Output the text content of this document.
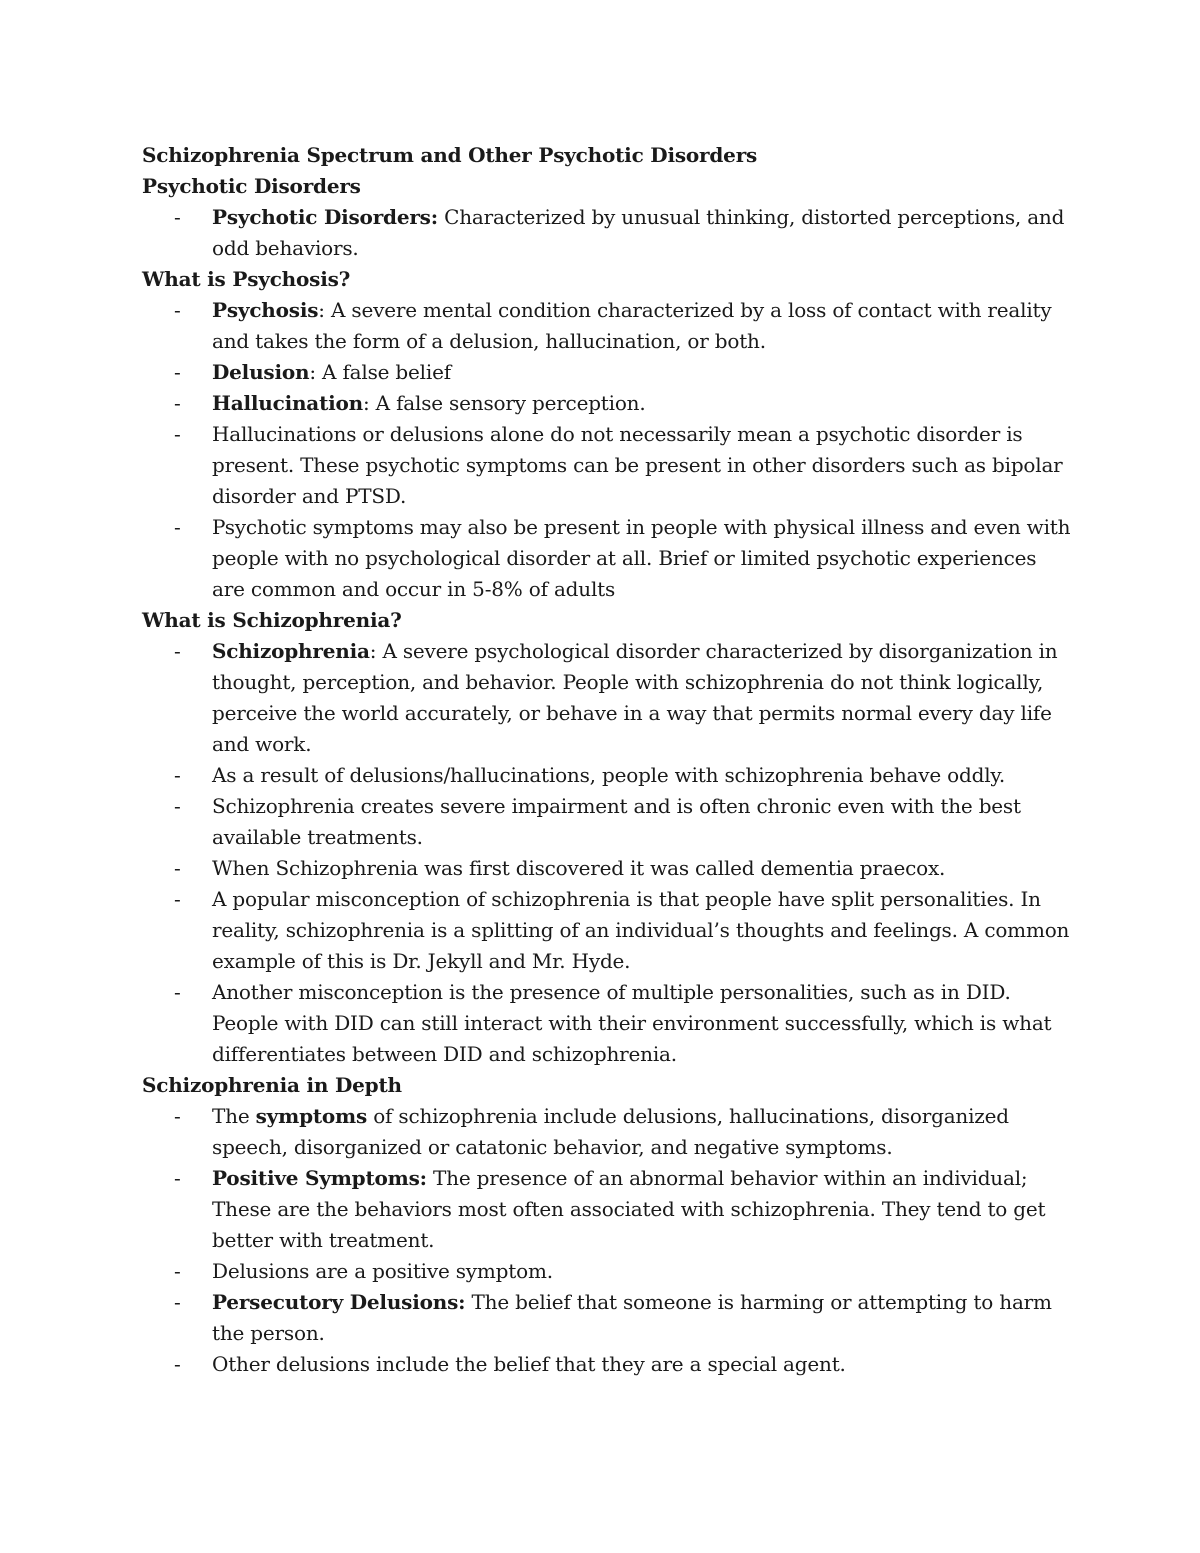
Schizophrenia Spectrum and Other Psychotic Disorders

Psychotic Disorders

- Psychotic Disorders: Characterized by unusual thinking, distorted perceptions, and odd behaviors.

What is Psychosis?

- Psychosis: A severe mental condition characterized by a loss of contact with reality and takes the form of a delusion, hallucination, or both.
- Delusion: A false belief
- Hallucination: A false sensory perception.
- Hallucinations or delusions alone do not necessarily mean a psychotic disorder is present. These psychotic symptoms can be present in other disorders such as bipolar disorder and PTSD.
- Psychotic symptoms may also be present in people with physical illness and even with people with no psychological disorder at all. Brief or limited psychotic experiences are common and occur in 5-8% of adults

What is Schizophrenia?

- Schizophrenia: A severe psychological disorder characterized by disorganization in thought, perception, and behavior. People with schizophrenia do not think logically, perceive the world accurately, or behave in a way that permits normal every day life and work.
- As a result of delusions/hallucinations, people with schizophrenia behave oddly.
- Schizophrenia creates severe impairment and is often chronic even with the best available treatments.
- When Schizophrenia was first discovered it was called dementia praecox.
- A popular misconception of schizophrenia is that people have split personalities. In reality, schizophrenia is a splitting of an individual’s thoughts and feelings. A common example of this is Dr. Jekyll and Mr. Hyde.
- Another misconception is the presence of multiple personalities, such as in DID. People with DID can still interact with their environment successfully, which is what differentiates between DID and schizophrenia.

Schizophrenia in Depth

- The symptoms of schizophrenia include delusions, hallucinations, disorganized speech, disorganized or catatonic behavior, and negative symptoms.
- Positive Symptoms: The presence of an abnormal behavior within an individual; These are the behaviors most often associated with schizophrenia. They tend to get better with treatment.
- Delusions are a positive symptom.
- Persecutory Delusions: The belief that someone is harming or attempting to harm the person.
- Other delusions include the belief that they are a special agent.
